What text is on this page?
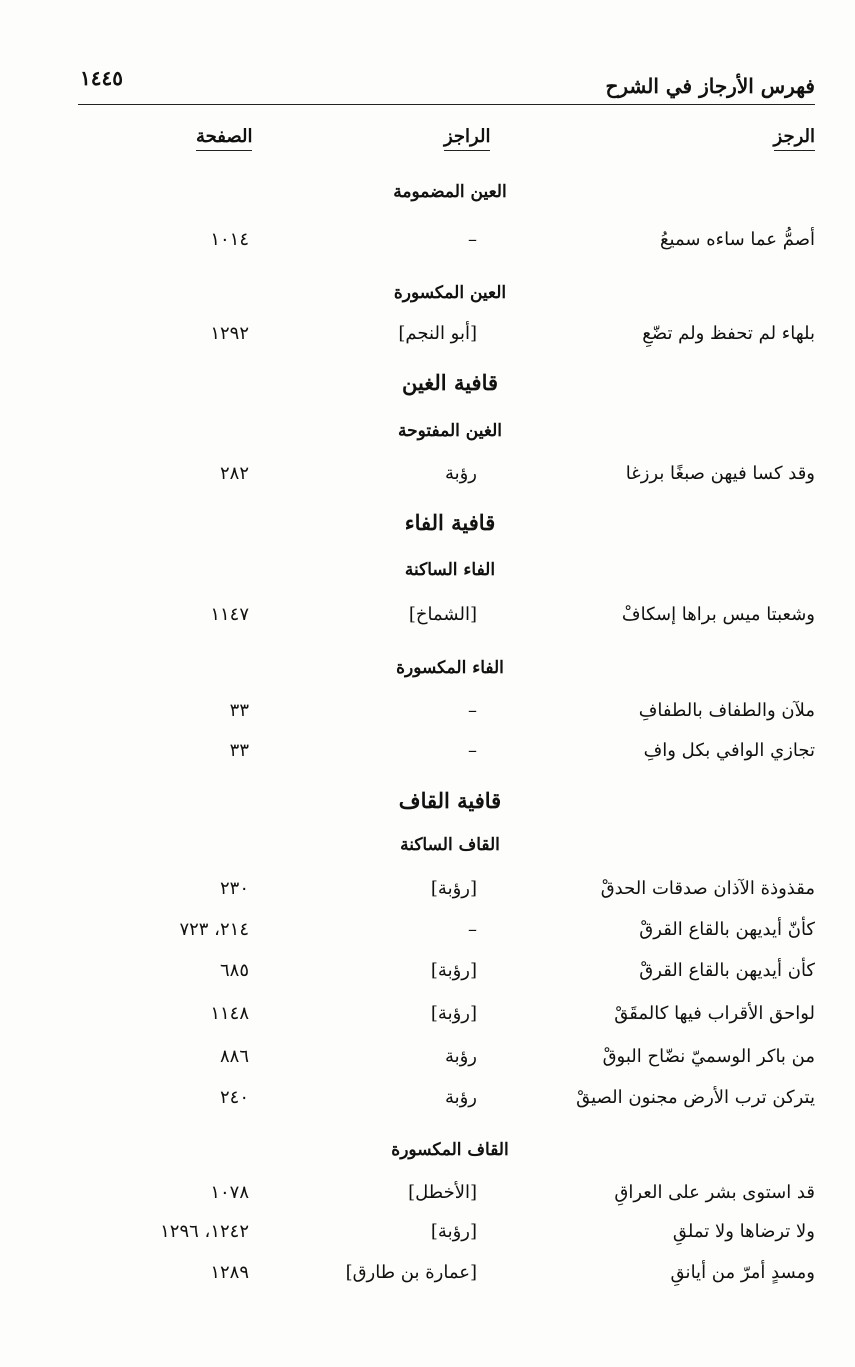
فهرس الأرجاز في الشرح
١٤٤٥
الرجز
الراجز
الصفحة
العين المضمومة
العين المكسورة
قافية الغين
الغين المفتوحة
قافية الفاء
الفاء الساكنة
الفاء المكسورة
قافية القاف
القاف الساكنة
القاف المكسورة
أصمُّ عما ساءه سميعُ
–
١٠١٤
بلهاء لم تحفظ ولم تضّعِ
[أبو النجم]
١٢٩٢
وقد كسا فيهن صبغًا برزغا
رؤبة
٢٨٢
وشعبتا ميس براها إسكافْ
[الشماخ]
١١٤٧
ملآن والطفاف بالطفافِ
–
٣٣
تجازي الوافي بكل وافِ
–
٣٣
مقذوذة الآذان صدقات الحدقْ
[رؤبة]
٢٣٠
كأنّ أيديهن بالقاع القرقْ
–
٢١٤، ٧٢٣
كأن أيديهن بالقاع القرقْ
[رؤبة]
٦٨٥
لواحق الأقراب فيها كالمقَقْ
[رؤبة]
١١٤٨
من باكر الوسميّ نضّاح البوقْ
رؤبة
٨٨٦
يتركن ترب الأرض مجنون الصيقْ
رؤبة
٢٤٠
قد استوى بشر على العراقِ
[الأخطل]
١٠٧٨
ولا ترضاها ولا تملقِ
[رؤبة]
١٢٤٢، ١٢٩٦
ومسدٍ أمرّ من أيانقِ
[عمارة بن طارق]
١٢٨٩
